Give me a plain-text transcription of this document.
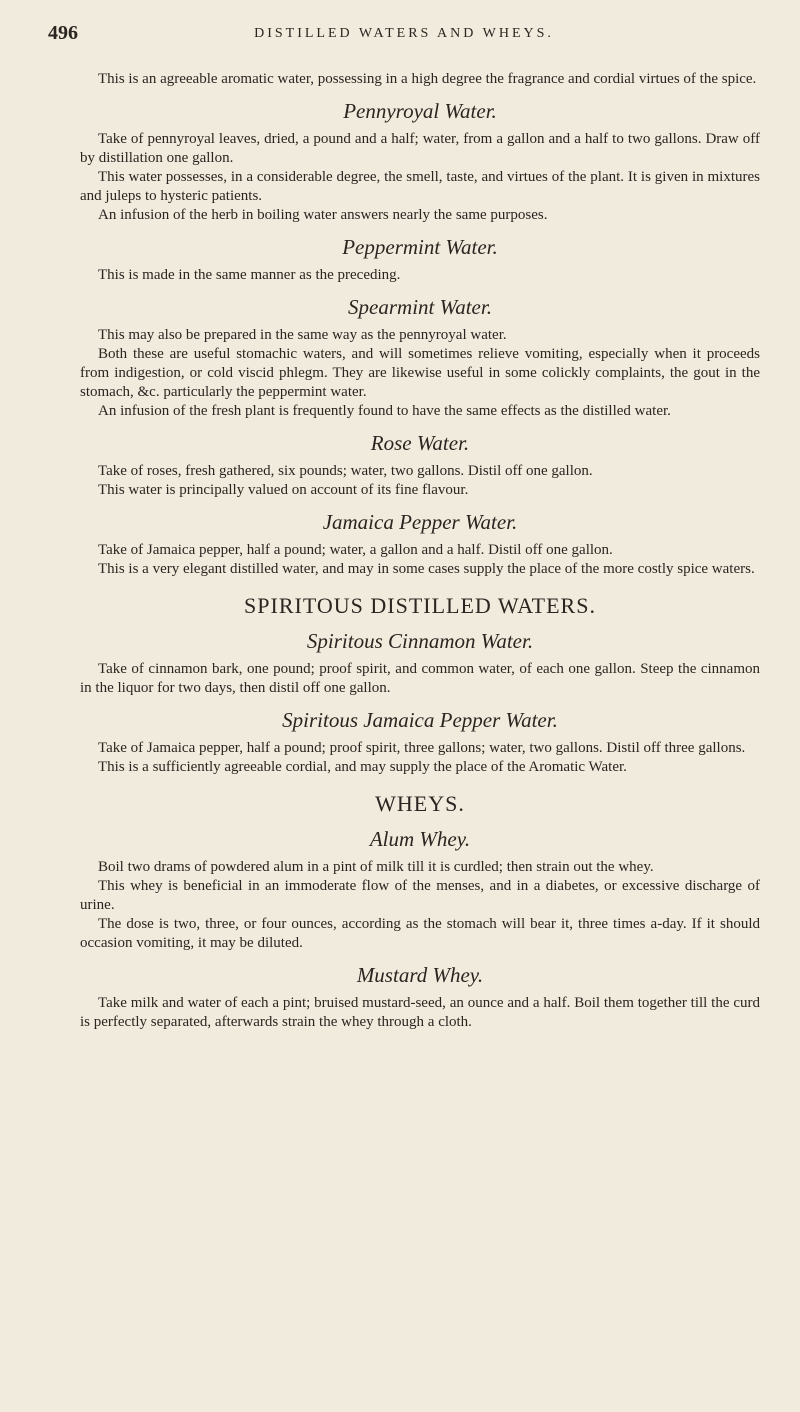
496	DISTILLED WATERS AND WHEYS.

This is an agreeable aromatic water, possessing in a high degree the fragrance and cordial virtues of the spice.

Pennyroyal Water.

Take of pennyroyal leaves, dried, a pound and a half; water, from a gallon and a half to two gallons. Draw off by distillation one gallon.

This water possesses, in a considerable degree, the smell, taste, and virtues of the plant. It is given in mixtures and juleps to hysteric patients.

An infusion of the herb in boiling water answers nearly the same purposes.

Peppermint Water.

This is made in the same manner as the preceding.

Spearmint Water.

This may also be prepared in the same way as the pennyroyal water.

Both these are useful stomachic waters, and will sometimes relieve vomiting, especially when it proceeds from indigestion, or cold viscid phlegm. They are likewise useful in some colickly complaints, the gout in the stomach, &c. particularly the peppermint water.

An infusion of the fresh plant is frequently found to have the same effects as the distilled water.

Rose Water.

Take of roses, fresh gathered, six pounds; water, two gallons. Distil off one gallon.

This water is principally valued on account of its fine flavour.

Jamaica Pepper Water.

Take of Jamaica pepper, half a pound; water, a gallon and a half. Distil off one gallon.

This is a very elegant distilled water, and may in some cases supply the place of the more costly spice waters.

SPIRITOUS DISTILLED WATERS.
Spiritous Cinnamon Water.

Take of cinnamon bark, one pound; proof spirit, and common water, of each one gallon. Steep the cinnamon in the liquor for two days, then distil off one gallon.

Spiritous Jamaica Pepper Water.

Take of Jamaica pepper, half a pound; proof spirit, three gallons; water, two gallons. Distil off three gallons.

This is a sufficiently agreeable cordial, and may supply the place of the Aromatic Water.

WHEYS.
Alum Whey.

Boil two drams of powdered alum in a pint of milk till it is curdled; then strain out the whey.

This whey is beneficial in an immoderate flow of the menses, and in a diabetes, or excessive discharge of urine.

The dose is two, three, or four ounces, according as the stomach will bear it, three times a-day. If it should occasion vomiting, it may be diluted.

Mustard Whey.

Take milk and water of each a pint; bruised mustard-seed, an ounce and a half. Boil them together till the curd is perfectly separated, afterwards strain the whey through a cloth.
